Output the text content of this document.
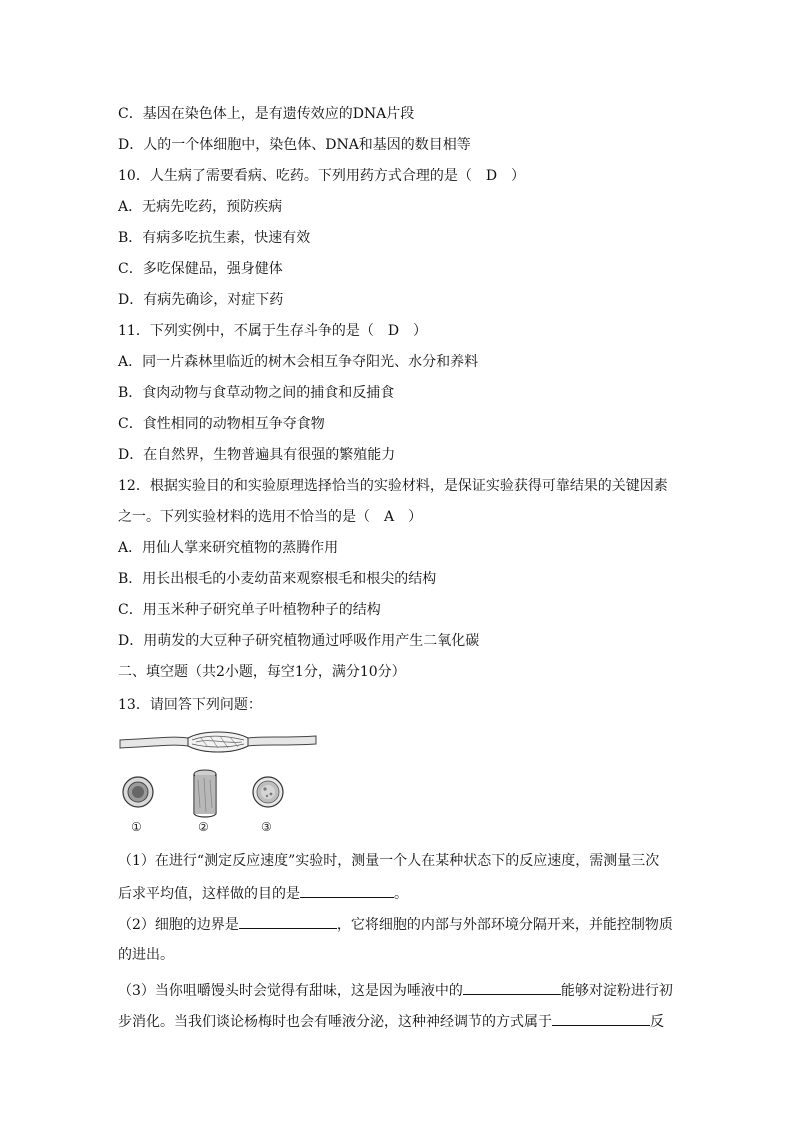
C．基因在染色体上，是有遗传效应的DNA片段
D．人的一个体细胞中，染色体、DNA和基因的数目相等
10．人生病了需要看病、吃药。下列用药方式合理的是（　D　）
A．无病先吃药，预防疾病
B．有病多吃抗生素，快速有效
C．多吃保健品，强身健体
D．有病先确诊，对症下药
11．下列实例中，不属于生存斗争的是（　D　）
A．同一片森林里临近的树木会相互争夺阳光、水分和养料
B．食肉动物与食草动物之间的捕食和反捕食
C．食性相同的动物相互争夺食物
D．在自然界，生物普遍具有很强的繁殖能力
12．根据实验目的和实验原理选择恰当的实验材料，是保证实验获得可靠结果的关键因素
之一。下列实验材料的选用不恰当的是（　A　）
A．用仙人掌来研究植物的蒸腾作用
B．用长出根毛的小麦幼苗来观察根毛和根尖的结构
C．用玉米种子研究单子叶植物种子的结构
D．用萌发的大豆种子研究植物通过呼吸作用产生二氧化碳
二、填空题（共2小题，每空1分，满分10分）
13．请回答下列问题：
①	②	③
（1）在进行“测定反应速度”实验时，测量一个人在某种状态下的反应速度，需测量三次
后求平均值，这样做的目的是	。
（2）细胞的边界是	，它将细胞的内部与外部环境分隔开来，并能控制物质
的进出。
（3）当你咀嚼馒头时会觉得有甜味，这是因为唾液中的	能够对淀粉进行初
步消化。当我们谈论杨梅时也会有唾液分泌，这种神经调节的方式属于	反
